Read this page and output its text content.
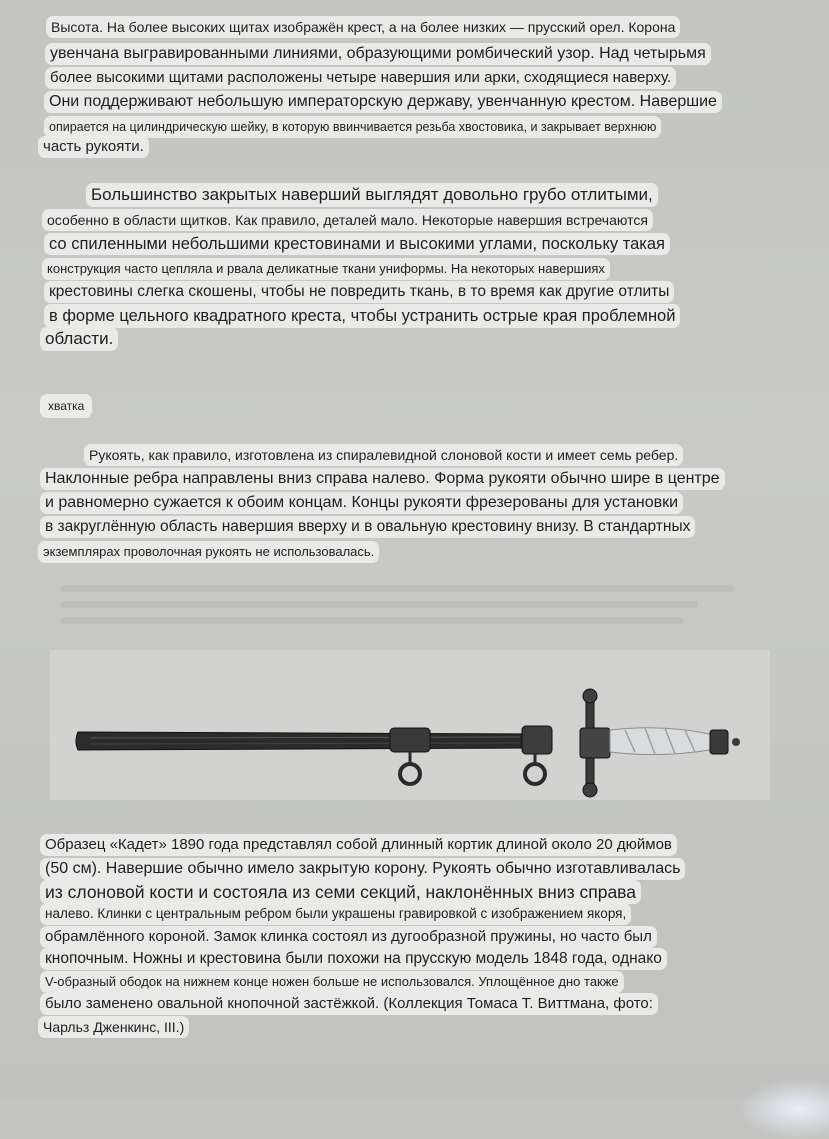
Высота. На более высоких щитах изображён крест, а на более низких — прусский орел. Корона
увенчана выгравированными линиями, образующими ромбический узор. Над четырьмя
более высокими щитами расположены четыре навершия или арки, сходящиеся наверху.
Они поддерживают небольшую императорскую державу, увенчанную крестом. Навершие
опирается на цилиндрическую шейку, в которую ввинчивается резьба хвостовика, и закрывает верхнюю
часть рукояти.
Большинство закрытых наверший выглядят довольно грубо отлитыми,
особенно в области щитков. Как правило, деталей мало. Некоторые навершия встречаются
со спиленными небольшими крестовинами и высокими углами, поскольку такая
конструкция часто цепляла и рвала деликатные ткани униформы. На некоторых навершиях
крестовины слегка скошены, чтобы не повредить ткань, в то время как другие отлиты
в форме цельного квадратного креста, чтобы устранить острые края проблемной
области.
хватка
Рукоять, как правило, изготовлена из спиралевидной слоновой кости и имеет семь ребер.
Наклонные ребра направлены вниз справа налево. Форма рукояти обычно шире в центре
и равномерно сужается к обоим концам. Концы рукояти фрезерованы для установки
в закруглённую область навершия вверху и в овальную крестовину внизу. В стандартных
экземплярах проволочная рукоять не использовалась.
Образец «Кадет» 1890 года представлял собой длинный кортик длиной около 20 дюймов
(50 см). Навершие обычно имело закрытую корону. Рукоять обычно изготавливалась
из слоновой кости и состояла из семи секций, наклонённых вниз справа
налево. Клинки с центральным ребром были украшены гравировкой с изображением якоря,
обрамлённого короной. Замок клинка состоял из дугообразной пружины, но часто был
кнопочным. Ножны и крестовина были похожи на прусскую модель 1848 года, однако
V-образный ободок на нижнем конце ножен больше не использовался. Уплощённое дно также
было заменено овальной кнопочной застёжкой. (Коллекция Томаса Т. Виттмана, фото:
Чарльз Дженкинс, III.)
